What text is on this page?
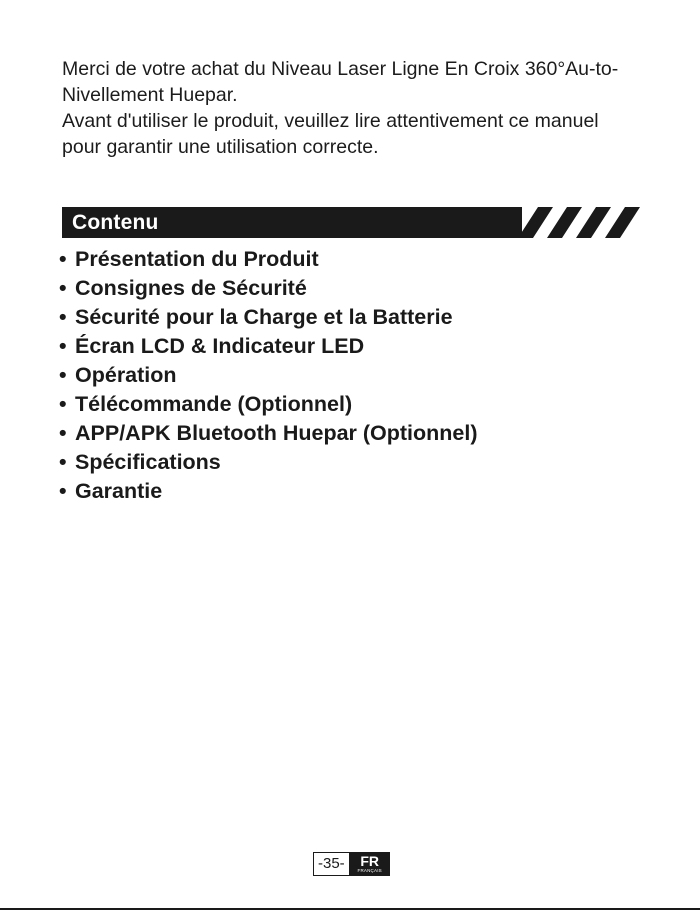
Merci de votre achat du Niveau Laser Ligne En Croix 360°Au-to-Nivellement Huepar.

Avant d'utiliser le produit, veuillez lire attentivement ce manuel pour garantir une utilisation correcte.

Contenu
• Présentation du Produit
• Consignes de Sécurité
• Sécurité pour la Charge et la Batterie
• Écran LCD & Indicateur LED
• Opération
• Télécommande (Optionnel)
• APP/APK Bluetooth Huepar (Optionnel)
• Spécifications
• Garantie
-35-	FR
FRANÇAIS
